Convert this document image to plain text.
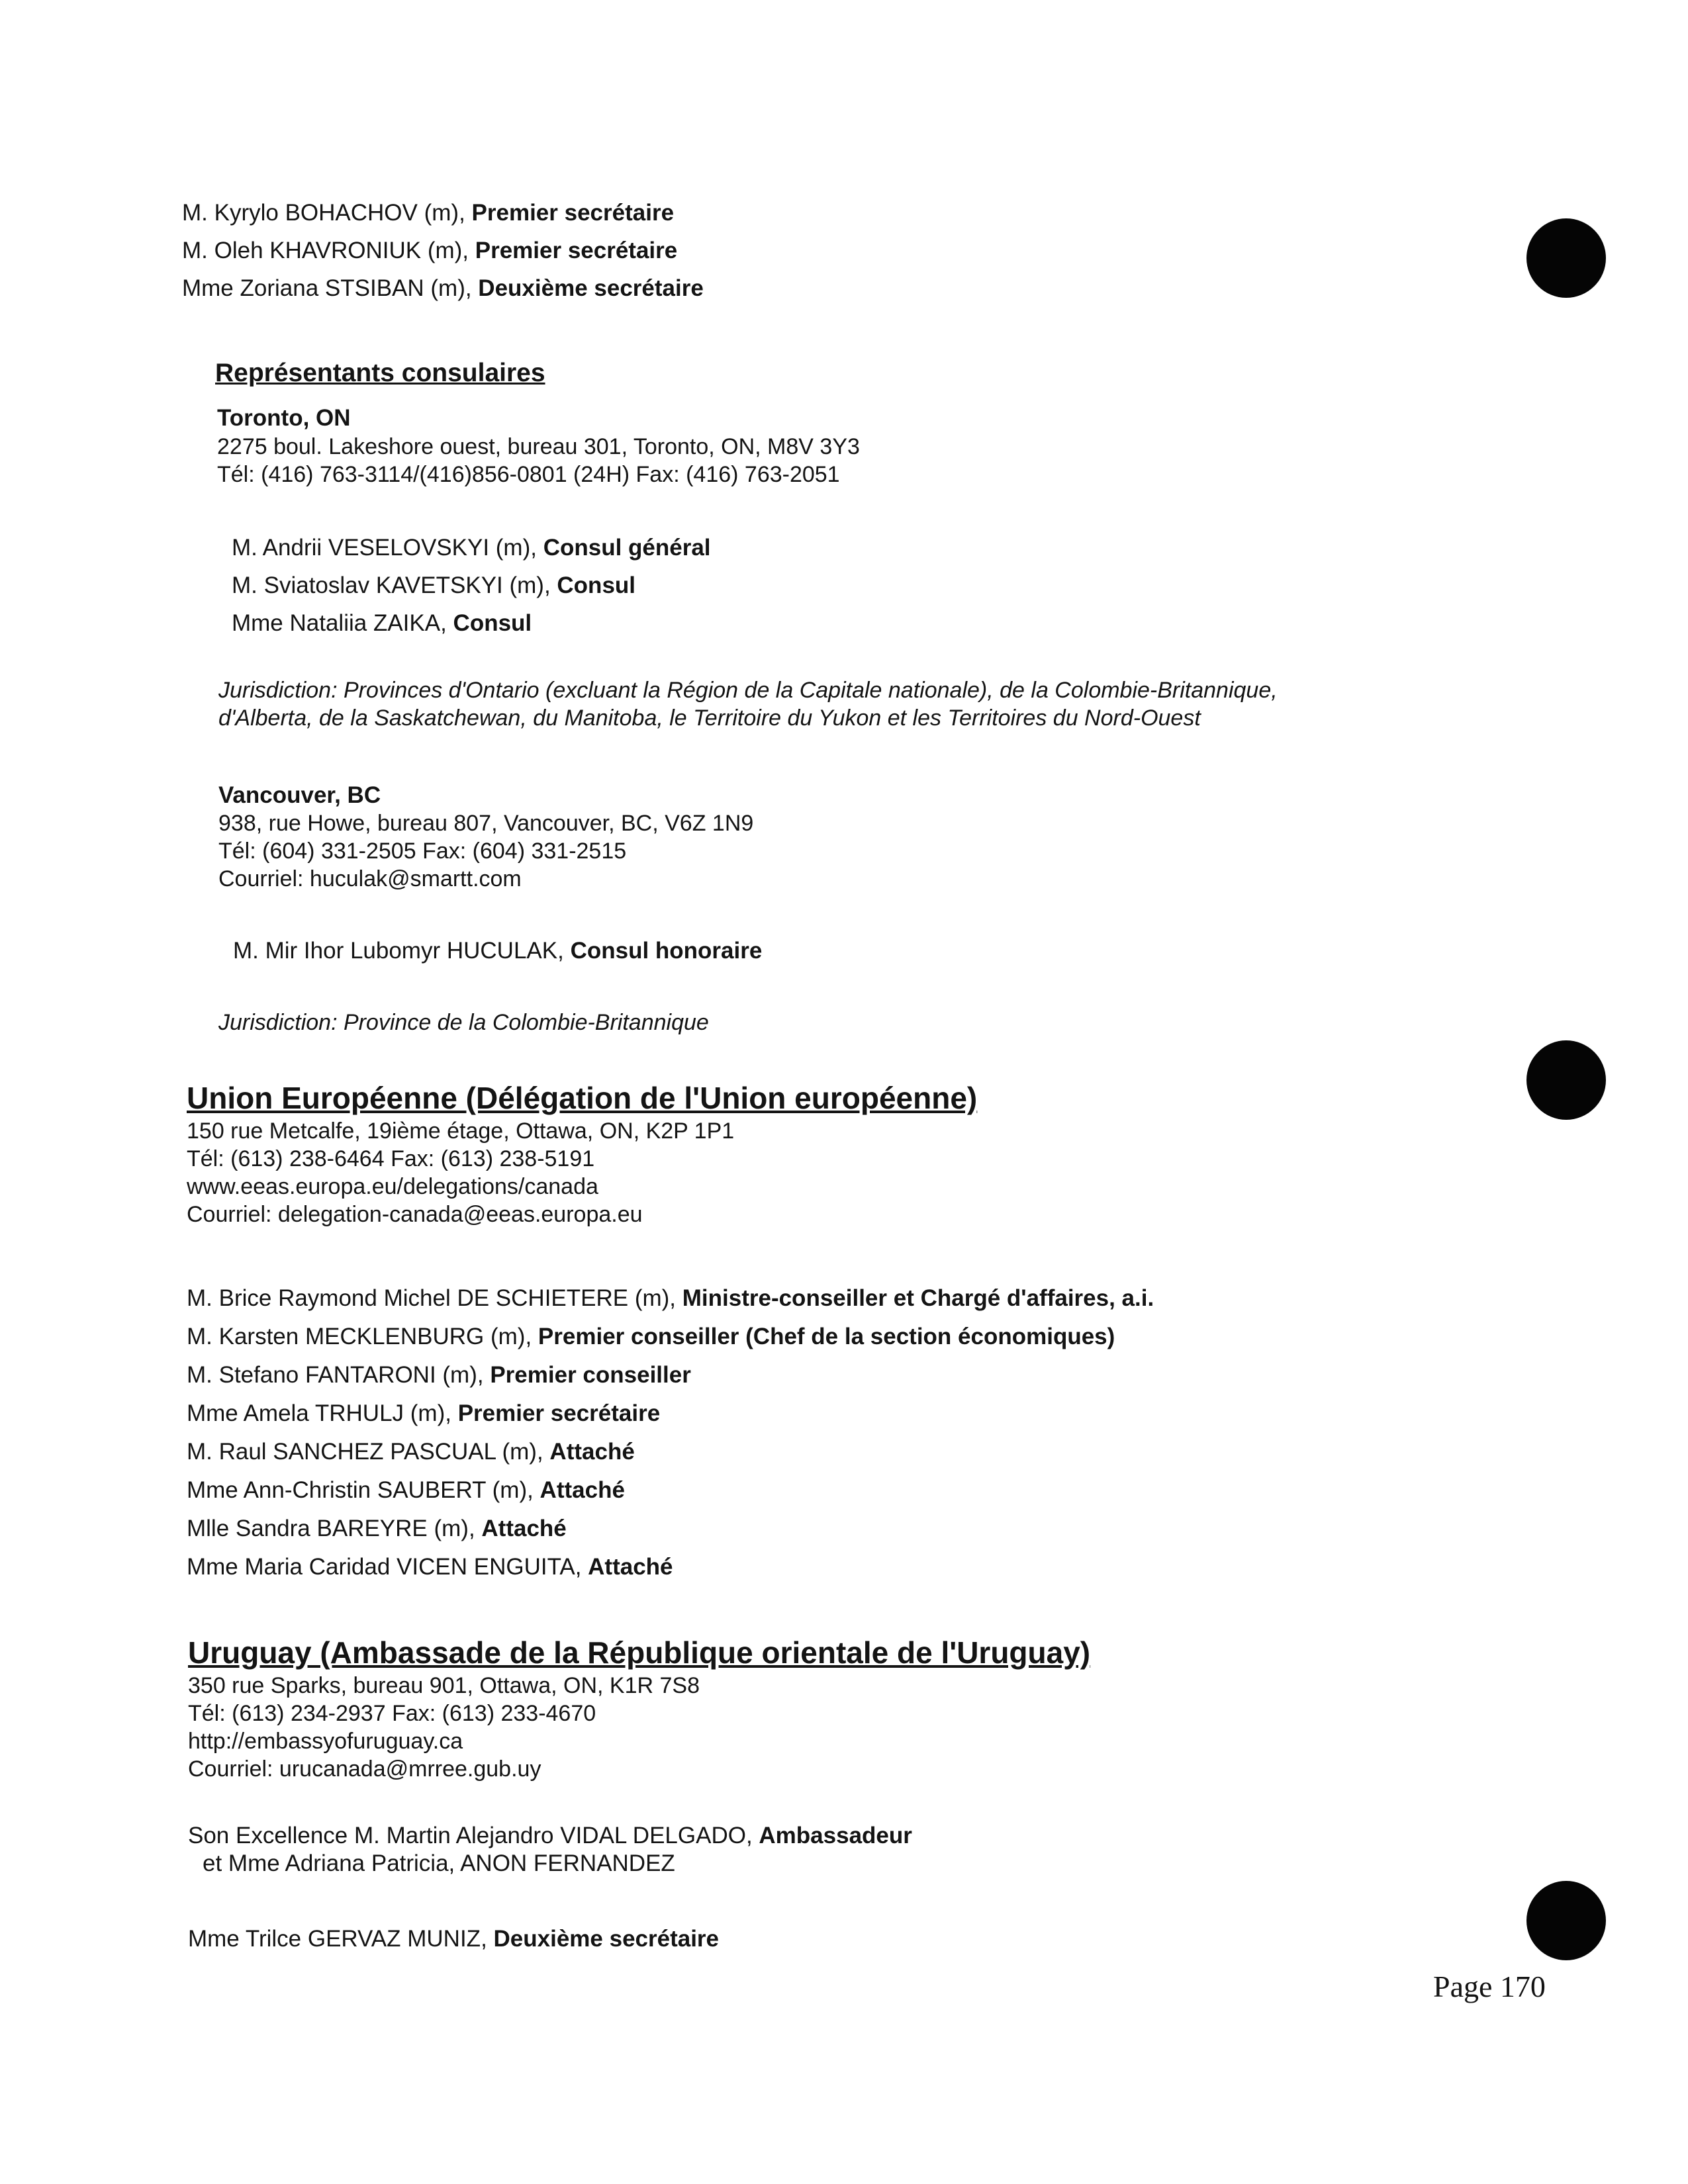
M. Kyrylo BOHACHOV (m), Premier secrétaire
M. Oleh KHAVRONIUK (m), Premier secrétaire
Mme Zoriana STSIBAN (m), Deuxième secrétaire
Représentants consulaires
Toronto, ON
2275 boul. Lakeshore ouest, bureau 301, Toronto, ON, M8V 3Y3
Tél: (416) 763-3114/(416)856-0801 (24H) Fax: (416) 763-2051
M. Andrii VESELOVSKYI (m), Consul général
M. Sviatoslav KAVETSKYI (m), Consul
Mme Nataliia ZAIKA, Consul
Jurisdiction: Provinces d'Ontario (excluant la Région de la Capitale nationale), de la Colombie-Britannique,
d'Alberta, de la Saskatchewan, du Manitoba, le Territoire du Yukon et les Territoires du Nord-Ouest
Vancouver, BC
938, rue Howe, bureau 807, Vancouver, BC, V6Z 1N9
Tél: (604) 331-2505 Fax: (604) 331-2515
Courriel: huculak@smartt.com
M. Mir Ihor Lubomyr HUCULAK, Consul honoraire
Jurisdiction: Province de la Colombie-Britannique
Union Européenne (Délégation de l'Union européenne)
150 rue Metcalfe, 19ième étage, Ottawa, ON, K2P 1P1
Tél: (613) 238-6464 Fax: (613) 238-5191
www.eeas.europa.eu/delegations/canada
Courriel: delegation-canada@eeas.europa.eu
M. Brice Raymond Michel DE SCHIETERE (m), Ministre-conseiller et Chargé d'affaires, a.i.
M. Karsten MECKLENBURG (m), Premier conseiller (Chef de la section économiques)
M. Stefano FANTARONI (m), Premier conseiller
Mme Amela TRHULJ (m), Premier secrétaire
M. Raul SANCHEZ PASCUAL (m), Attaché
Mme Ann-Christin SAUBERT (m), Attaché
Mlle Sandra BAREYRE (m), Attaché
Mme Maria Caridad VICEN ENGUITA, Attaché
Uruguay (Ambassade de la République orientale de l'Uruguay)
350 rue Sparks, bureau 901, Ottawa, ON, K1R 7S8
Tél: (613) 234-2937 Fax: (613) 233-4670
http://embassyofuruguay.ca
Courriel: urucanada@mrree.gub.uy
Son Excellence M. Martin Alejandro VIDAL DELGADO, Ambassadeur
et Mme Adriana Patricia, ANON FERNANDEZ
Mme Trilce GERVAZ MUNIZ, Deuxième secrétaire
Page 170
